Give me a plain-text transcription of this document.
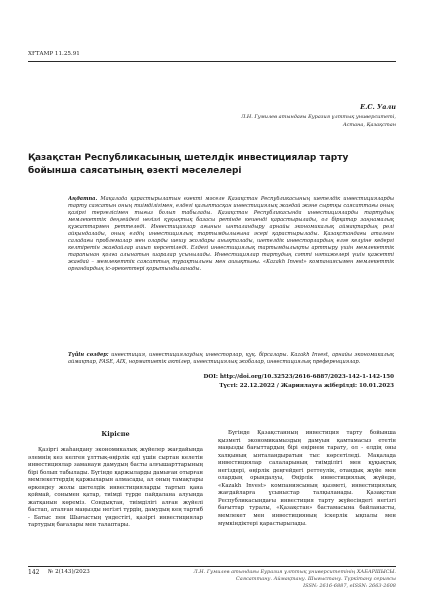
ХҒТАМР 11.25.91
Е.С. Уали
Л.Н. Гумилев атындағы Еуразия ұлттық университеті,
Астана, Қазақстан
Қазақстан Республикасының шетелдік инвестициялар тарту бойынша саясатының өзекті мәселелері

Аңдатпа. Мақалада қарастырылатын өзекті мәселе Қазақстан Республикасының шетелдік инвестицияларды тарту саясатын оның тиімділігімен, елдегі қалыптасқан инвестициялық жағдай және сыртқы саясаттағы оның қазіргі тергелісімен тығыз болып табылады. Қазақстан Республикасында инвестицияларды тартудың мемлекеттік деңгейдегі негізгі құқықтық базасы ретінде кешенді қарастырылады, ол бірқатар заңнамалық құжаттармен реттеледі. Инвестициялар ағынын ынталандыру арнайы экономикалық аймақтардың рөлі айқындалады, оның елдің инвестициялық тартымдылығына әсері қарастырылады. Қазақстандағы аталған саладағы проблемалар мен оларды шешу жолдары анықталады, шетелдік инвесторлардың елге келуіне кедергі келтіретін жағдайлар ашып көрсетіледі. Елдегі инвестициялық тартымдылықты арттыру үшін мемлекеттік тарапынан қолға алынатын шаралар ұсынылады. Инвестициялар тартудың сәтті нәтижелері үшін қажетті жағдай – мемлекеттік саясаттың тұрақтылығы мен ашықтығы. «Kazakh Invest» компаниясымен мемлекеттік органдардың іс-әрекеттері қорытындыланады.

Түйін сөздер: инвестиция, инвестициялаудың инвесторлар, құқ. бірсалары. Kazakh Invest, арнайы экономикалық аймақтар, FASE, AIX, нормативтік актілер, инвестициялық жобалар, инвестициялық преференциялар.
DOI: http://doi.org/10.32523/2616-6887/2023-142-1-142-150
Түсті: 22.12.2022 / Жариялауға жіберілді: 10.01.2023
Кіріспе

Қазіргі жаһандану экономикалық жүйелер жағдайында әлемнің кез келген ұлттық-өңірлік еді үшін сыртан келетін инвестициялар заманауи дамудың басты алғышарттарының бірі болып табылады. Бүгінде қаржыларды дамыған отырған мемлекеттердің қаржыларын алмасады, ал оның тамақтары өркендеу жолы шетелдік инвестицияларды тартып қана қоймай, сонымен қатар, тиімді түрде пайдалана алуында жатқанын көреміз. Сондықтан, тиімділігі алған жүйелі бастап, аталған маңызды негізгі түрдің, дамудың кең тартиб - Батыс пен Шығыстың үндестігі, қазіргі инвестициялар тартудың бағалары мен талаптары.

Бүгінде Қазақстанның инвестиция тарту бойынша қызметі экономикамыздың дамуын қамтамасыз ететін маңызды бағыттардың бірі еңірнем тарату, ол - елдің оны халқының ынталандыратын тыс көрсетіледі. Мақалада инвестициялар салаларының тиімділігі мен құқықтық негіздері, өңірлік деңгейдегі реттеулік, отандық жүйе мен олардың орындалуы, Өңірлік инвестициялық жүйеде, «Kazakh Invest» компаниясының қызметі, инвестициялық жағдайларға ұсыныстар талқыланады. Қазақстан Республикасындағы инвестиция тарту жүйесіндегі негізгі бағыттар туралы, «Қазақстан» бастамасына байланысты, мемлекет мен инвестицияның іскерлік ықпалы мен мүмкіндіктері қарастырылады.

142 № 2(143)/2023	Л.Н. Гумилев атындағы Еуразия ұлттық университетінің ХАБАРШЫСЫ.
Саясаттану. Аймақтану. Шығыстану. Түркітану сериясы
ISSN: 2616-6887, eISSN: 2663-2608
